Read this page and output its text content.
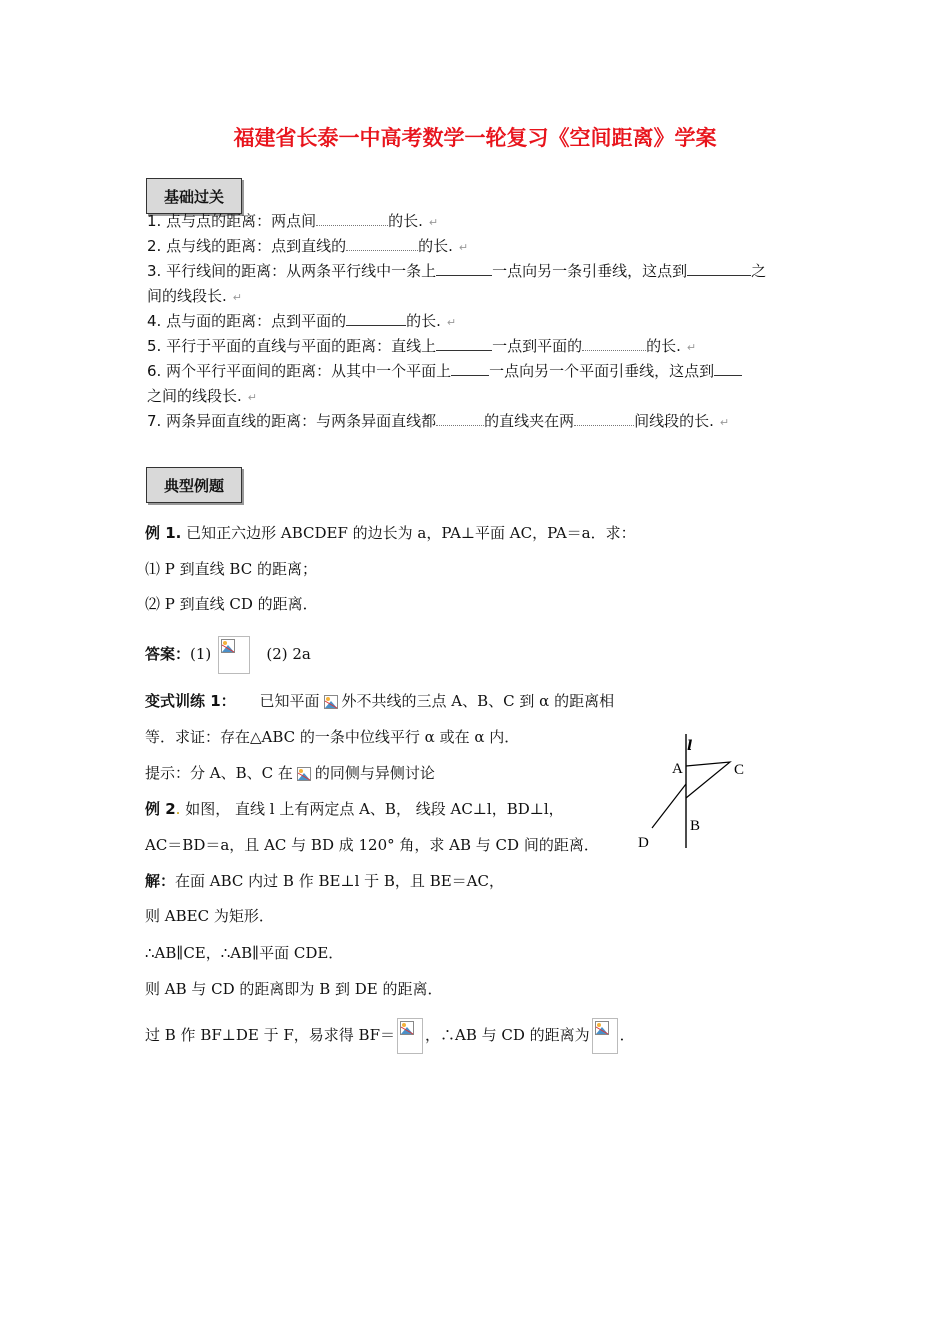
福建省长泰一中高考数学一轮复习《空间距离》学案
基础过关
1. 点与点的距离：两点间	的长. ↵
2. 点与线的距离：点到直线的	的长. ↵
3. 平行线间的距离：从两条平行线中一条上	一点向另一条引垂线，这点到	之
间的线段长. ↵
4. 点与面的距离：点到平面的	的长. ↵
5. 平行于平面的直线与平面的距离：直线上	一点到平面的	的长. ↵
6. 两个平行平面间的距离：从其中一个平面上	一点向另一个平面引垂线，这点到
之间的线段长. ↵
7. 两条异面直线的距离：与两条异面直线都	的直线夹在两	间线段的长. ↵
典型例题
例 1. 已知正六边形 ABCDEF 的边长为 a，PA⊥平面 AC，PA＝a．求：
⑴ P 到直线 BC 的距离；
⑵ P 到直线 CD 的距离．
答案：(1)	(2) 2a
变式训练 1： 已知平面 外不共线的三点 A、B、C 到 α 的距离相
等．求证：存在△ABC 的一条中位线平行 α 或在 α 内．
提示：分 A、B、C 在 的同侧与异侧讨论
例 2. 如图， 直线 l 上有两定点 A、B， 线段 AC⊥l，BD⊥l，
AC＝BD＝a，且 AC 与 BD 成 120° 角，求 AB 与 CD 间的距离．
解：在面 ABC 内过 B 作 BE⊥l 于 B，且 BE＝AC，
则 ABEC 为矩形．
∴AB∥CE，∴AB∥平面 CDE．
则 AB 与 CD 的距离即为 B 到 DE 的距离．
过 B 作 BF⊥DE 于 F，易求得 BF＝ ，∴AB 与 CD 的距离为 ．
l
A	C
B
D
